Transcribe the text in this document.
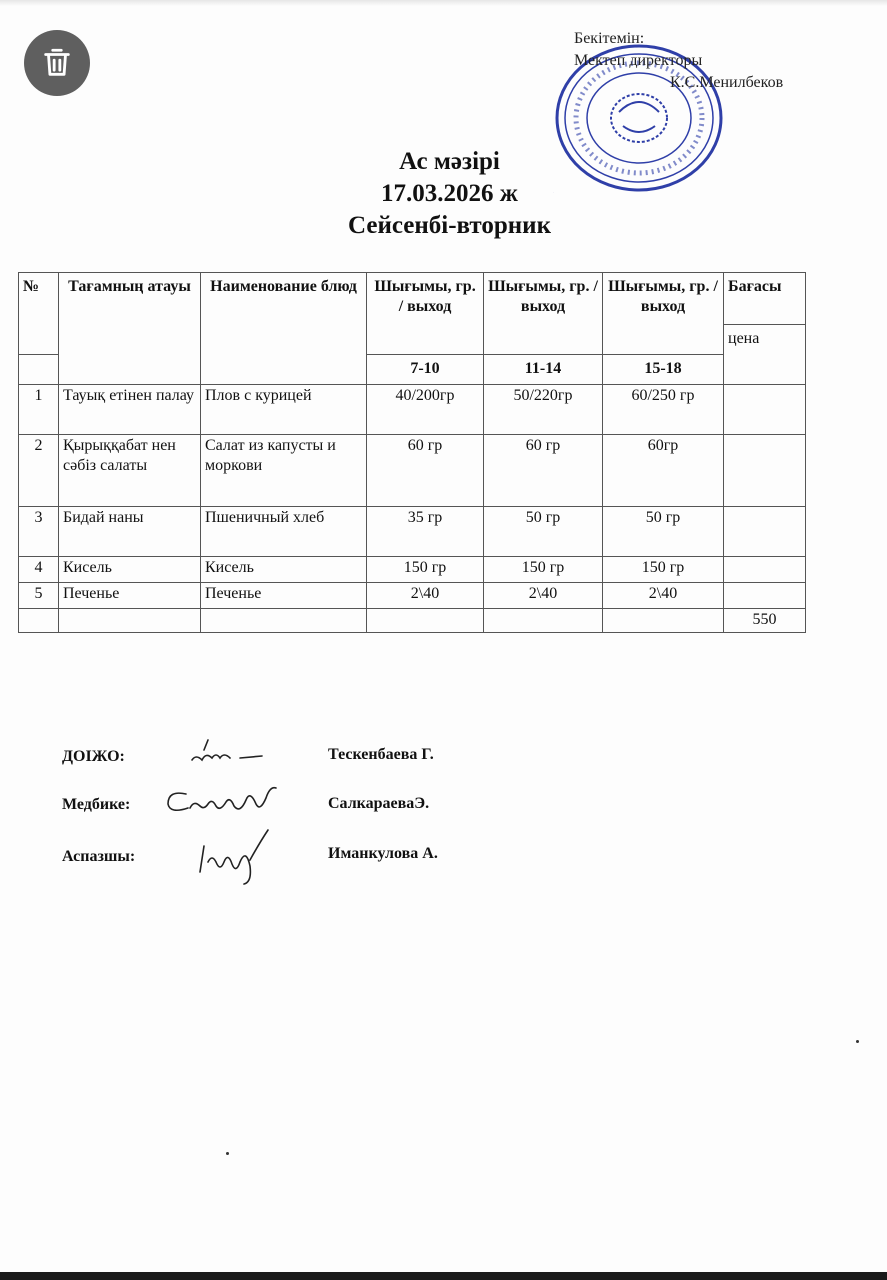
Бекітемін:
Мектеп директоры
К.С.Менилбеков
Ас мәзірі
17.03.2026 ж
Сейсенбі-вторник
№	Тағамның атауы	Наименование блюд	Шығымы, гр. / выход	Шығымы, гр. / выход	Шығымы, гр. / выход	Бағасы
						цена
			7-10	11-14	15-18	
1	Тауық етінен палау	Плов с курицей	40/200гр	50/220гр	60/250 гр	
2	Қырыққабат нен сәбіз салаты	Салат из капусты и моркови	60 гр	60 гр	60гр	
3	Бидай наны	Пшеничный хлеб	35 гр	50 гр	50 гр	
4	Кисель	Кисель	150 гр	150 гр	150 гр	
5	Печенье	Печенье	2\40	2\40	2\40	
						550
ДОІЖО:	Тескенбаева Г.
Медбике:	СалкараеваЭ.
Аспазшы:	Иманкулова А.
